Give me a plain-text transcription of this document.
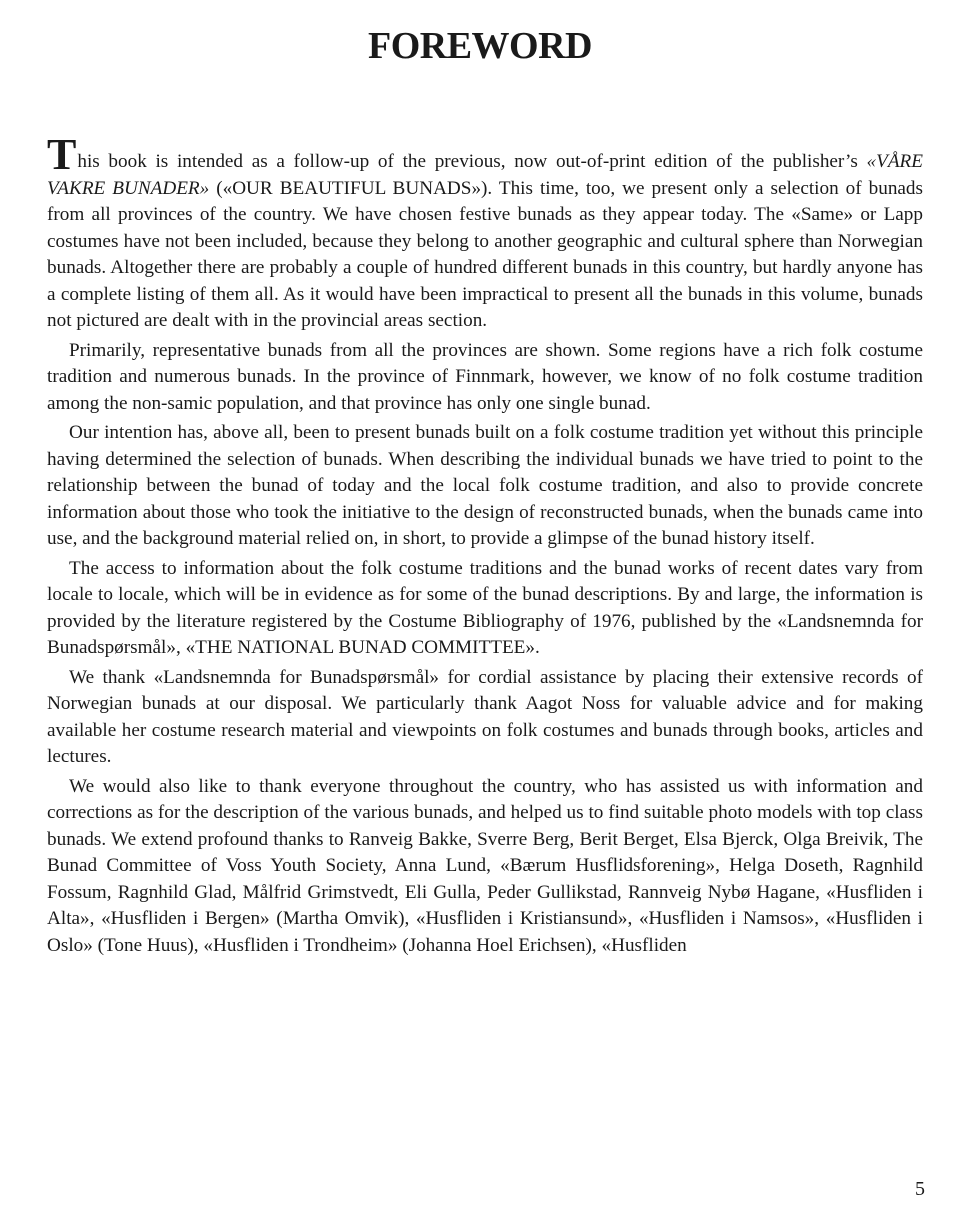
FOREWORD

This book is intended as a follow-up of the previous, now out-of-print edition of the publisher’s «VÅRE VAKRE BUNADER» («OUR BEAUTIFUL BUNADS»). This time, too, we present only a selection of bunads from all provinces of the country. We have chosen festive bunads as they appear today. The «Same» or Lapp costumes have not been included, because they belong to another geographic and cultural sphere than Norwegian bunads. Altogether there are probably a couple of hundred different bunads in this country, but hardly anyone has a complete listing of them all. As it would have been impractical to present all the bunads in this volume, bunads not pictured are dealt with in the provincial areas section.

Primarily, representative bunads from all the provinces are shown. Some regions have a rich folk costume tradition and numerous bunads. In the province of Finnmark, however, we know of no folk costume tradition among the non-samic population, and that province has only one single bunad.

Our intention has, above all, been to present bunads built on a folk costume tradition yet without this principle having determined the selection of bunads. When describing the individual bunads we have tried to point to the relationship between the bunad of today and the local folk costume tradition, and also to provide concrete information about those who took the initiative to the design of reconstructed bunads, when the bunads came into use, and the background material relied on, in short, to provide a glimpse of the bunad history itself.

The access to information about the folk costume traditions and the bunad works of recent dates vary from locale to locale, which will be in evidence as for some of the bunad descriptions. By and large, the information is provided by the literature registered by the Costume Bibliography of 1976, published by the «Landsnemnda for Bunadspørsmål», «THE NATIONAL BUNAD COMMITTEE».

We thank «Landsnemnda for Bunadspørsmål» for cordial assistance by placing their extensive records of Norwegian bunads at our disposal. We particularly thank Aagot Noss for valuable advice and for making available her costume research material and viewpoints on folk costumes and bunads through books, articles and lectures.

We would also like to thank everyone throughout the country, who has assisted us with information and corrections as for the description of the various bunads, and helped us to find suitable photo models with top class bunads. We extend profound thanks to Ranveig Bakke, Sverre Berg, Berit Berget, Elsa Bjerck, Olga Breivik, The Bunad Committee of Voss Youth Society, Anna Lund, «Bærum Husflidsforening», Helga Doseth, Ragnhild Fossum, Ragnhild Glad, Målfrid Grimstvedt, Eli Gulla, Peder Gullikstad, Rannveig Nybø Hagane, «Husfliden i Alta», «Husfliden i Bergen» (Martha Omvik), «Husfliden i Kristiansund», «Husfliden i Namsos», «Husfliden i Oslo» (Tone Huus), «Husfliden i Trondheim» (Johanna Hoel Erichsen), «Husfliden

5
